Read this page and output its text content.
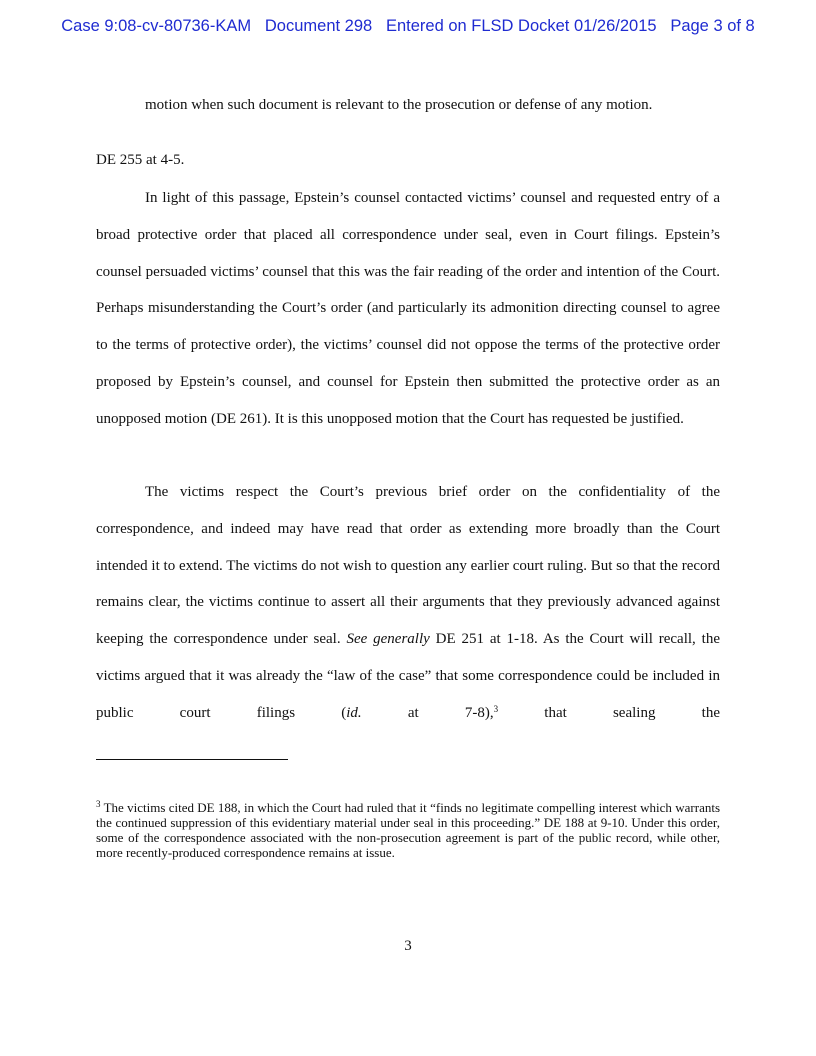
Case 9:08-cv-80736-KAM Document 298 Entered on FLSD Docket 01/26/2015 Page 3 of 8
motion when such document is relevant to the prosecution or defense of any motion.
DE 255 at 4-5.

In light of this passage, Epstein’s counsel contacted victims’ counsel and requested entry of a broad protective order that placed all correspondence under seal, even in Court filings. Epstein’s counsel persuaded victims’ counsel that this was the fair reading of the order and intention of the Court. Perhaps misunderstanding the Court’s order (and particularly its admonition directing counsel to agree to the terms of protective order), the victims’ counsel did not oppose the terms of the protective order proposed by Epstein’s counsel, and counsel for Epstein then submitted the protective order as an unopposed motion (DE 261). It is this unopposed motion that the Court has requested be justified.

The victims respect the Court’s previous brief order on the confidentiality of the correspondence, and indeed may have read that order as extending more broadly than the Court intended it to extend. The victims do not wish to question any earlier court ruling. But so that the record remains clear, the victims continue to assert all their arguments that they previously advanced against keeping the correspondence under seal. See generally DE 251 at 1-18. As the Court will recall, the victims argued that it was already the “law of the case” that some correspondence could be included in public court filings (id. at 7-8),$^3$ that sealing the

$^3$ The victims cited DE 188, in which the Court had ruled that it “finds no legitimate compelling interest which warrants the continued suppression of this evidentiary material under seal in this proceeding.” DE 188 at 9-10. Under this order, some of the correspondence associated with the non-prosecution agreement is part of the public record, while other, more recently-produced correspondence remains at issue.
3
